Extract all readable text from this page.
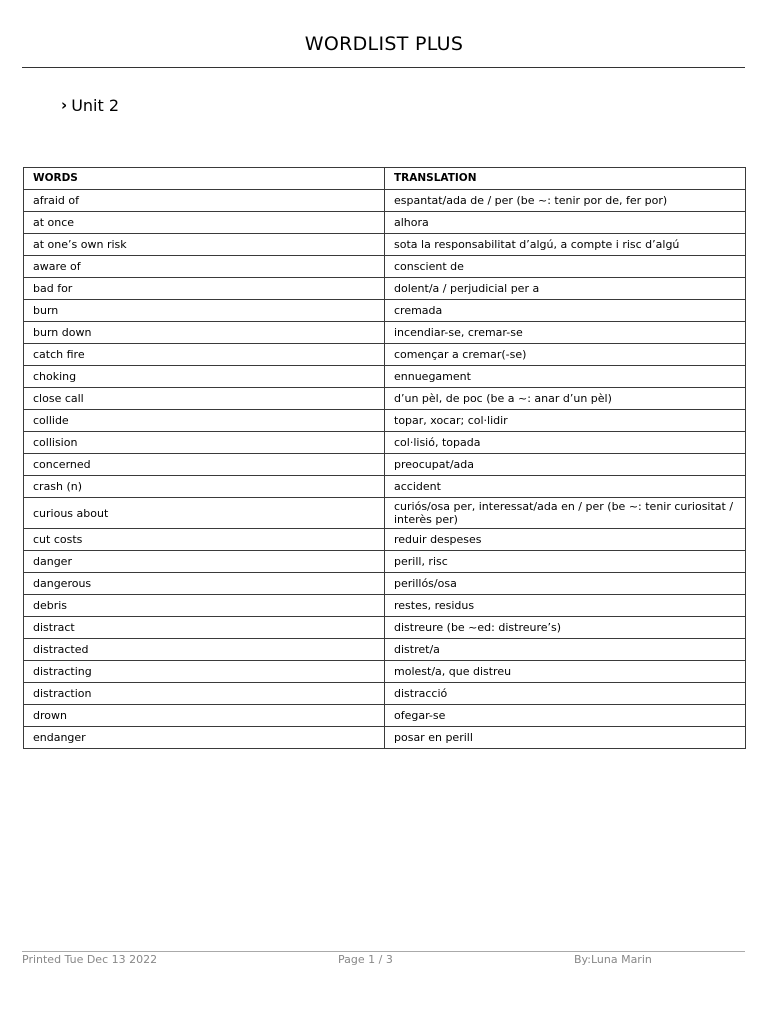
WORDLIST PLUS
› Unit 2
WORDS	TRANSLATION
afraid of	espantat/ada de / per (be ~: tenir por de, fer por)
at once	alhora
at one’s own risk	sota la responsabilitat d’algú, a compte i risc d’algú
aware of	conscient de
bad for	dolent/a / perjudicial per a
burn	cremada
burn down	incendiar-se, cremar-se
catch fire	començar a cremar(-se)
choking	ennuegament
close call	d’un pèl, de poc (be a ~: anar d’un pèl)
collide	topar, xocar; col·lidir
collision	col·lisió, topada
concerned	preocupat/ada
crash (n)	accident
curious about	curiós/osa per, interessat/ada en / per (be ~: tenir curiositat / interès per)
cut costs	reduir despeses
danger	perill, risc
dangerous	perillós/osa
debris	restes, residus
distract	distreure (be ~ed: distreure’s)
distracted	distret/a
distracting	molest/a, que distreu
distraction	distracció
drown	ofegar-se
endanger	posar en perill
Printed Tue Dec 13 2022	Page 1 / 3	By:Luna Marin
